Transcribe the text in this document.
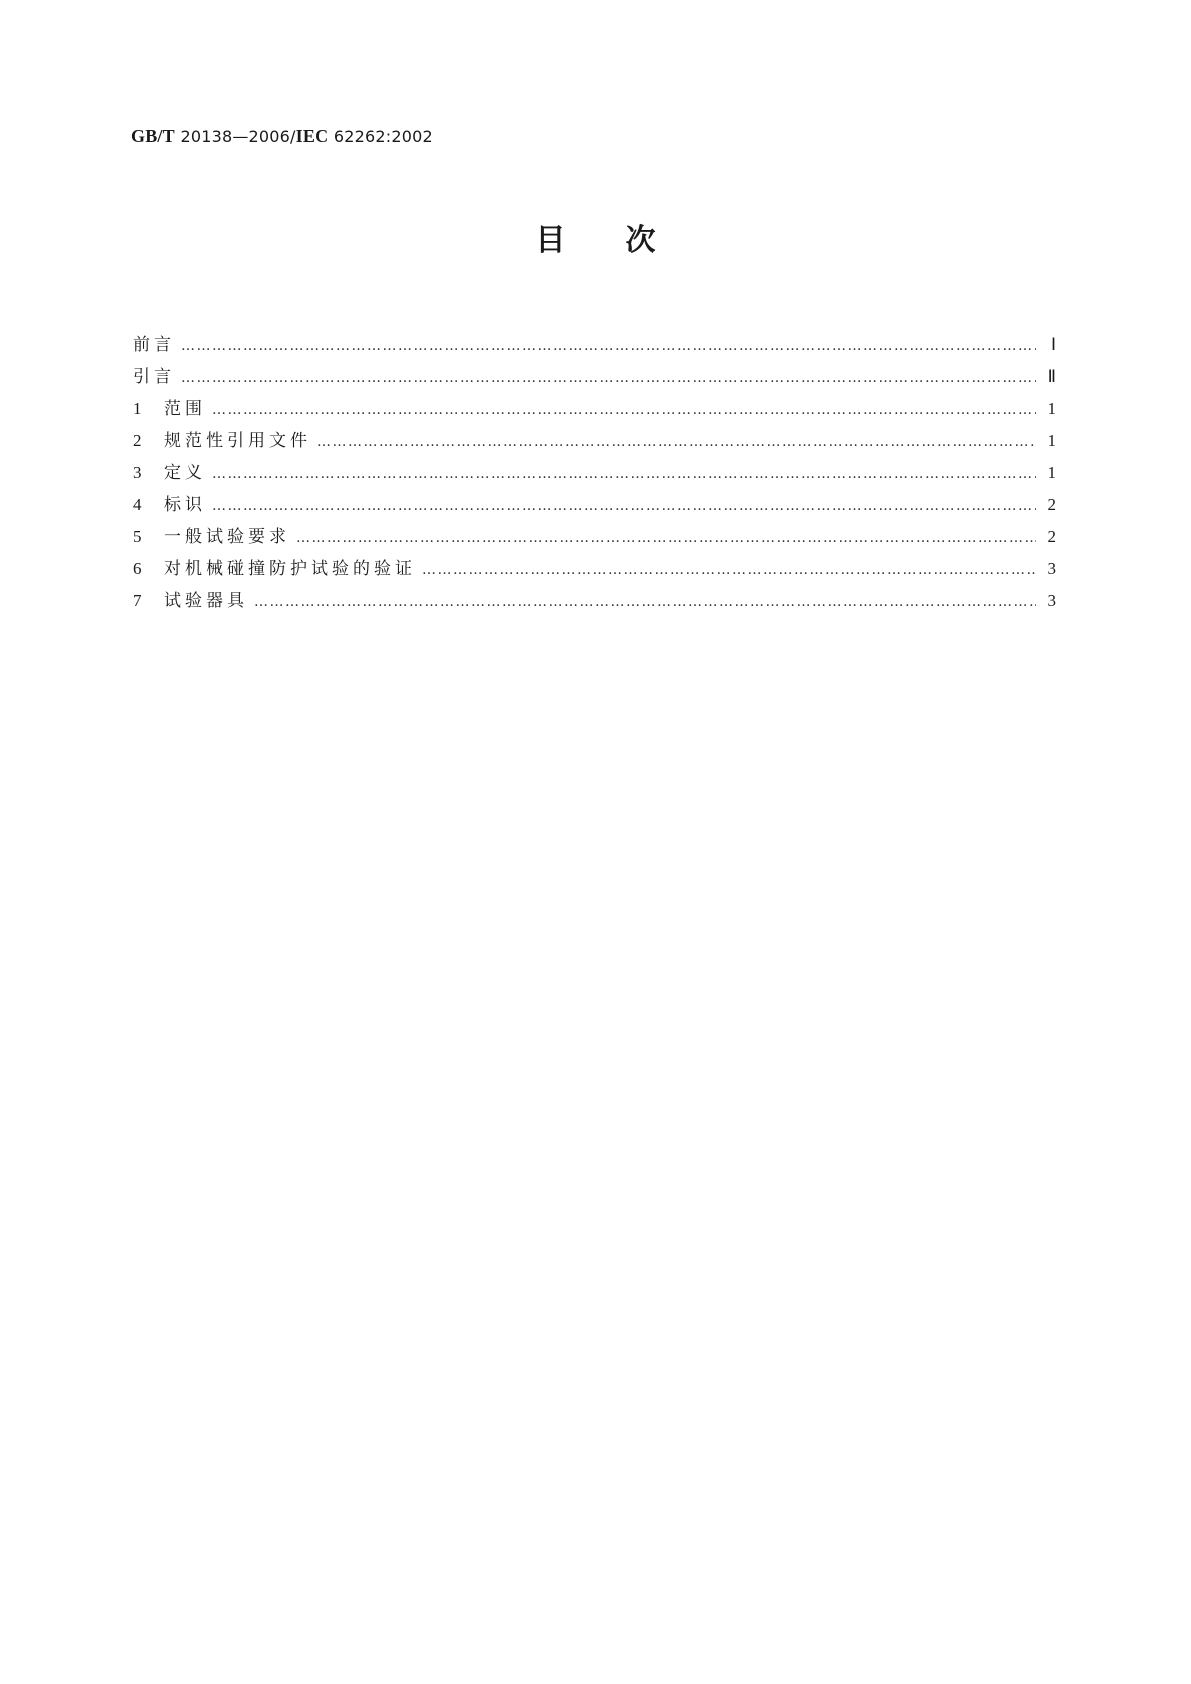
GB/T 20138—2006/IEC 62262:2002
目次
前言 …………………………………………………………………………………………………………………………………………………………………………………………………………………………	Ⅰ
引言 …………………………………………………………………………………………………………………………………………………………………………………………………………………………	Ⅱ
1	范围 …………………………………………………………………………………………………………………………………………………………………………………………………………………………	1
2	规范性引用文件 …………………………………………………………………………………………………………………………………………………………………………………………………………………………	1
3	定义 …………………………………………………………………………………………………………………………………………………………………………………………………………………………	1
4	标识 …………………………………………………………………………………………………………………………………………………………………………………………………………………………	2
5	一般试验要求 …………………………………………………………………………………………………………………………………………………………………………………………………………………………	2
6	对机械碰撞防护试验的验证 …………………………………………………………………………………………………………………………………………………………………………………………………………………………	3
7	试验器具 …………………………………………………………………………………………………………………………………………………………………………………………………………………………	3
